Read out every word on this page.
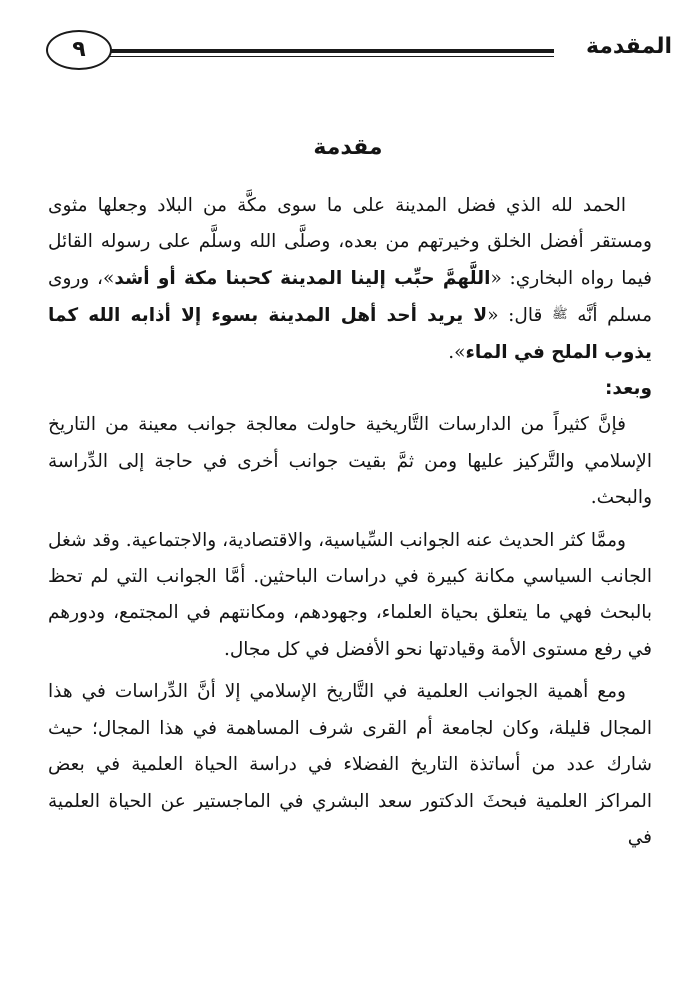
٩	المقدمة
مقدمة

الحمد لله الذي فضل المدينة على ما سوى مكَّة من البلاد وجعلها مثوى ومستقر أفضل الخلق وخيرتهم من بعده، وصلَّى الله وسلَّم على رسوله القائل فيما رواه البخاري: «اللَّهمَّ حبِّب إلينا المدينة كحبنا مكة أو أشد»، وروى مسلم أنَّه ﷺ قال: «لا يريد أحد أهل المدينة بسوء إلا أذابه الله كما يذوب الملح في الماء».

وبعد:

فإنَّ كثيراً من الدارسات التَّاريخية حاولت معالجة جوانب معينة من التاريخ الإسلامي والتَّركيز عليها ومن ثمَّ بقيت جوانب أخرى في حاجة إلى الدِّراسة والبحث.

وممَّا كثر الحديث عنه الجوانب السِّياسية، والاقتصادية، والاجتماعية. وقد شغل الجانب السياسي مكانة كبيرة في دراسات الباحثين. أمَّا الجوانب التي لم تحظ بالبحث فهي ما يتعلق بحياة العلماء، وجهودهم، ومكانتهم في المجتمع، ودورهم في رفع مستوى الأمة وقيادتها نحو الأفضل في كل مجال.

ومع أهمية الجوانب العلمية في التَّاريخ الإسلامي إلا أنَّ الدِّراسات في هذا المجال قليلة، وكان لجامعة أم القرى شرف المساهمة في هذا المجال؛ حيث شارك عدد من أساتذة التاريخ الفضلاء في دراسة الحياة العلمية في بعض المراكز العلمية فبحثَ الدكتور سعد البشري في الماجستير عن الحياة العلمية في
